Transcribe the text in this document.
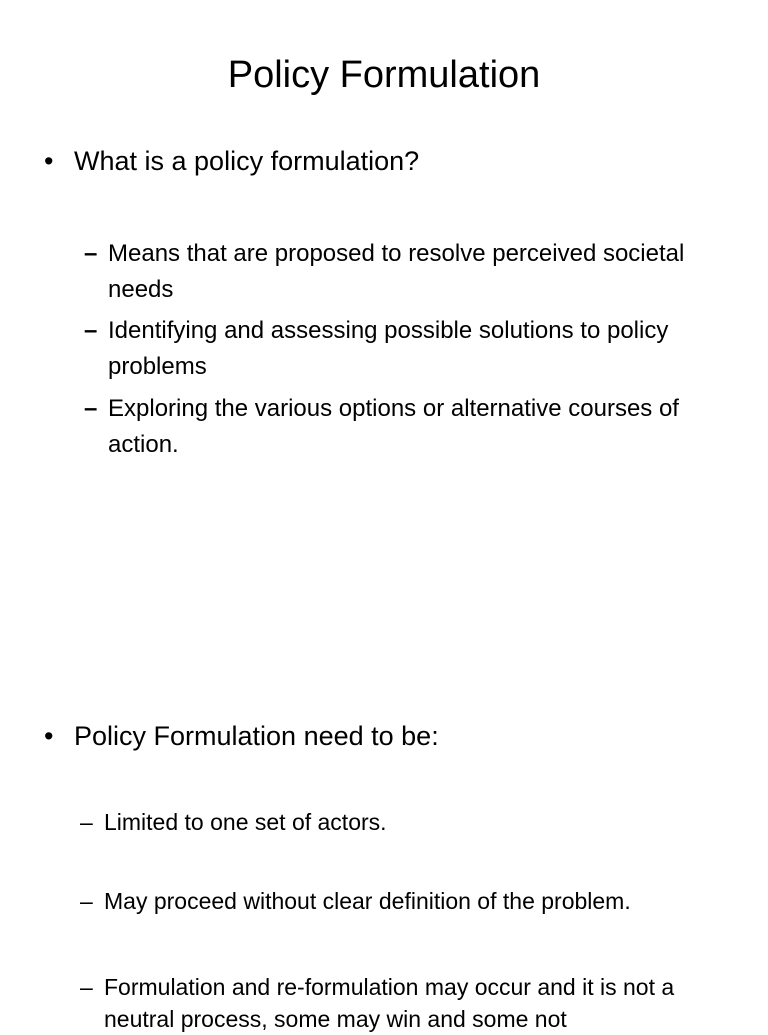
Policy Formulation
• What is a policy formulation?
– Means that are proposed to resolve perceived societal needs
– Identifying and assessing possible solutions to policy problems
– Exploring the various options or alternative courses of action.
• Policy Formulation need to be:
– Limited to one set of actors.
– May proceed without clear definition of the problem.
– Formulation and re-formulation may occur and it is not a neutral process, some may win and some not
